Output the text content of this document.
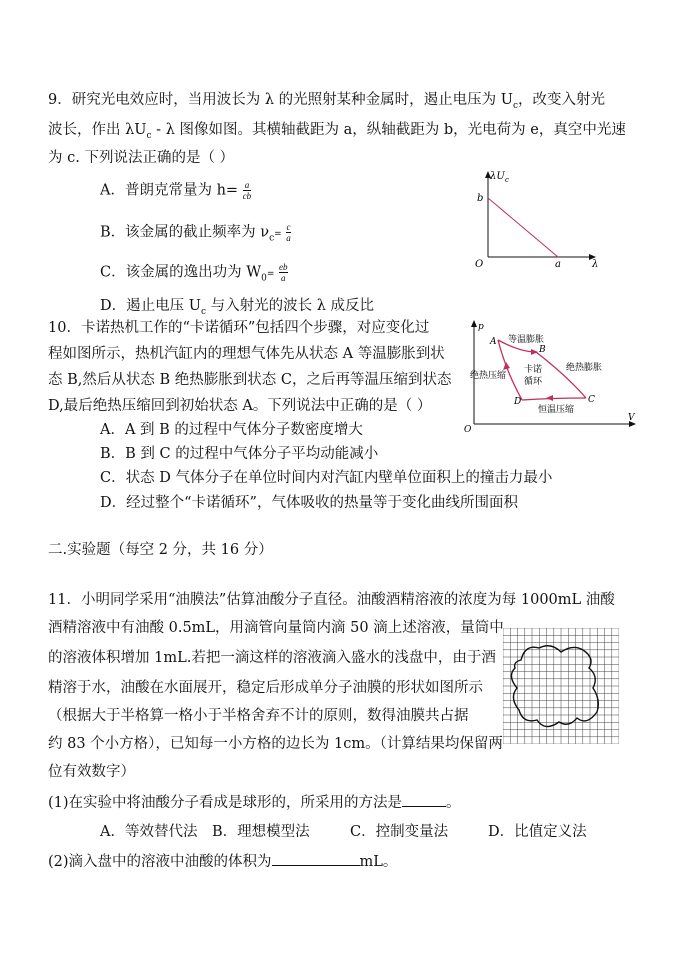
9．研究光电效应时，当用波长为 λ 的光照射某种金属时，遏止电压为 $U_c$，改变入射光
波长，作出 $\lambda U_c$ - λ 图像如图。其横轴截距为 a，纵轴截距为 b，光电荷为 e，真空中光速
为 c. 下列说法正确的是（ ）
A．普朗克常量为 $h= \frac{a}{cb}$
B．该金属的截止频率为 $\nu_c= \frac{c}{a}$
C．该金属的逸出功为 $W_0= \frac{eb}{a}$
D．遏止电压 $U_c$ 与入射光的波长 λ 成反比
λU c
b
O	a	λ
10．卡诺热机工作的“卡诺循环”包括四个步骤，对应变化过
程如图所示，热机汽缸内的理想气体先从状态 A 等温膨胀到状
态 B,然后从状态 B 绝热膨胀到状态 C，之后再等温压缩到状态
D,最后绝热压缩回到初始状态 A。下列说法中正确的是（ ）
A．A 到 B 的过程中气体分子数密度增大
B．B 到 C 的过程中气体分子平均动能减小
C．状态 D 气体分子在单位时间内对汽缸内壁单位面积上的撞击力最小
D．经过整个“卡诺循环”，气体吸收的热量等于变化曲线所围面积
p
V
O
A
B
C
D
等温膨胀
绝热膨胀
恒温压缩
绝热压缩
卡诺
循环
二.实验题（每空 2 分，共 16 分）
11．小明同学采用“油膜法”估算油酸分子直径。油酸酒精溶液的浓度为每 1000mL 油酸
酒精溶液中有油酸 0.5mL，用滴管向量筒内滴 50 滴上述溶液，量筒中
的溶液体积增加 1mL.若把一滴这样的溶液滴入盛水的浅盘中，由于酒
精溶于水，油酸在水面展开，稳定后形成单分子油膜的形状如图所示
（根据大于半格算一格小于半格舍弃不计的原则，数得油膜共占据
约 83 个小方格），已知每一小方格的边长为 1cm。（计算结果均保留两
位有效数字）
(1)在实验中将油酸分子看成是球形的，所采用的方法是	。
A．等效替代法 B．理想模型法	C．控制变量法	D．比值定义法
(2)滴入盘中的溶液中油酸的体积为	mL。
